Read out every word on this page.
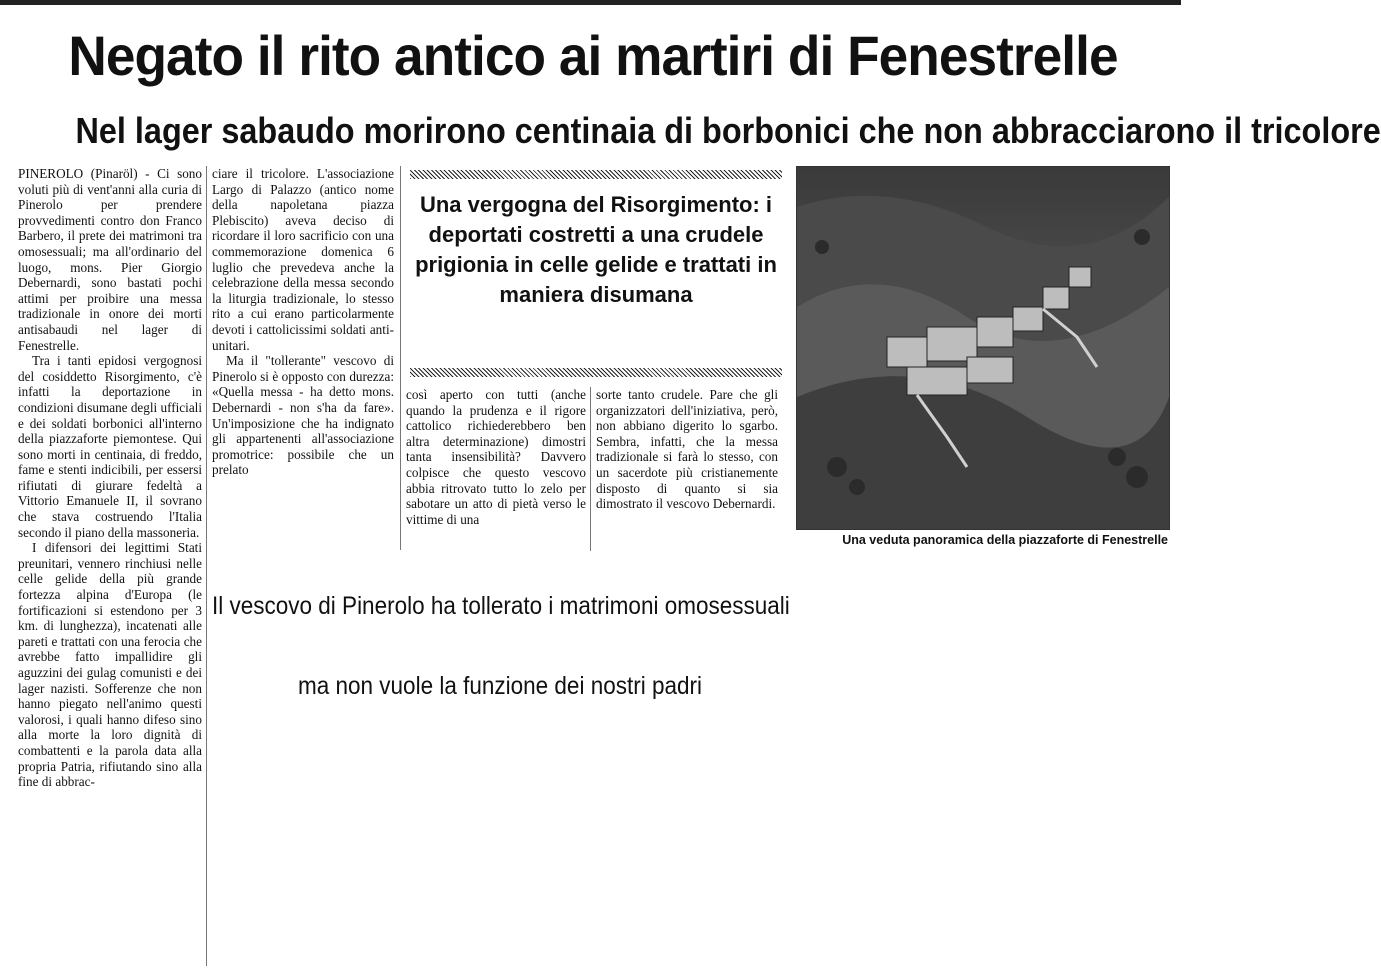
Negato il rito antico ai martiri di Fenestrelle
Nel lager sabaudo morirono centinaia di borbonici che non abbracciarono il tricolore

PINEROLO (Pinaröl) - Ci sono voluti più di vent'anni alla curia di Pinerolo per prendere provvedimenti contro don Franco Barbero, il prete dei matrimoni tra omosessuali; ma all'ordinario del luogo, mons. Pier Giorgio Debernardi, sono bastati pochi attimi per proibire una messa tradizionale in onore dei morti antisabaudi nel lager di Fenestrelle.

Tra i tanti epidosi vergognosi del cosiddetto Risorgimento, c'è infatti la deportazione in condizioni disumane degli ufficiali e dei soldati borbonici all'interno della piazzaforte piemontese. Qui sono morti in centinaia, di freddo, fame e stenti indicibili, per essersi rifiutati di giurare fedeltà a Vittorio Emanuele II, il sovrano che stava costruendo l'Italia secondo il piano della massoneria.

I difensori dei legittimi Stati preunitari, vennero rinchiusi nelle celle gelide della più grande fortezza alpina d'Europa (le fortificazioni si estendono per 3 km. di lunghezza), incatenati alle pareti e trattati con una ferocia che avrebbe fatto impallidire gli aguzzini dei gulag comunisti e dei lager nazisti. Sofferenze che non hanno piegato nell'animo questi valorosi, i quali hanno difeso sino alla morte la loro dignità di combattenti e la parola data alla propria Patria, rifiutando sino alla fine di abbrac-

ciare il tricolore. L'associazione Largo di Palazzo (antico nome della napoletana piazza Plebiscito) aveva deciso di ricordare il loro sacrificio con una commemorazione domenica 6 luglio che prevedeva anche la celebrazione della messa secondo la liturgia tradizionale, lo stesso rito a cui erano particolarmente devoti i cattolicissimi soldati anti-unitari.

Ma il "tollerante" vescovo di Pinerolo si è opposto con durezza: «Quella messa - ha detto mons. Debernardi - non s'ha da fare». Un'imposizione che ha indignato gli appartenenti all'associazione promotrice: possibile che un prelato

Una vergogna del Risorgimento: i deportati costretti a una crudele prigionia in celle gelide e trattati in maniera disumana

così aperto con tutti (anche quando la prudenza e il rigore cattolico richiederebbero ben altra determinazione) dimostri tanta insensibilità? Davvero colpisce che questo vescovo abbia ritrovato tutto lo zelo per sabotare un atto di pietà verso le vittime di una

sorte tanto crudele. Pare che gli organizzatori dell'iniziativa, però, non abbiano digerito lo sgarbo. Sembra, infatti, che la messa tradizionale si farà lo stesso, con un sacerdote più cristianemente disposto di quanto si sia dimostrato il vescovo Debernardi.

Una veduta panoramica della piazzaforte di Fenestrelle

Il vescovo di Pinerolo ha tollerato i matrimoni omosessuali

ma non vuole la funzione dei nostri padri
